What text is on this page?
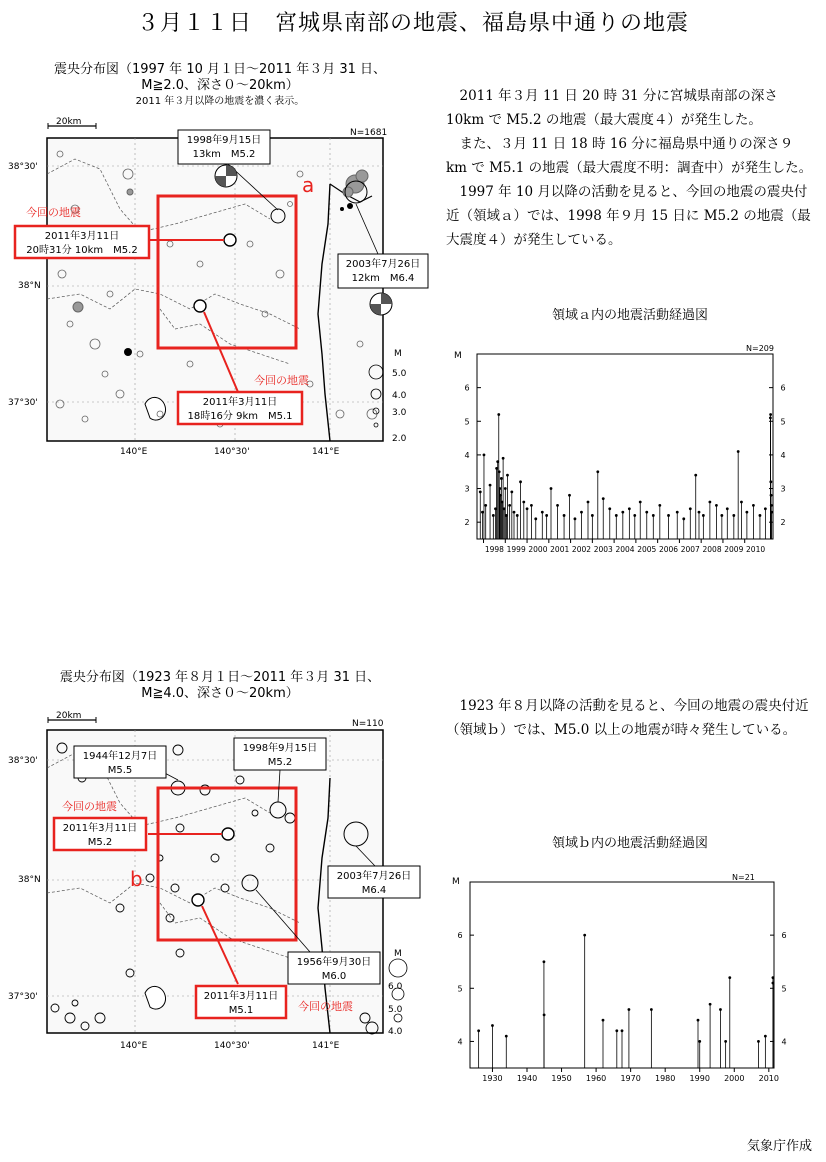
３月１１日　宮城県南部の地震、福島県中通りの地震
震央分布図（1997 年 10 月１日～2011 年３月 31 日、
M≧2.0、深さ０～20km）
2011 年３月以降の地震を濃く表示。
20km
N=1681
M
5.0
4.0
3.0
2.0
38°30'
38°N
37°30'
140°E	140°30'	141°E
a
1998年9月15日
13km　M5.2
2003年7月26日
12km　M6.4
今回の地震
2011年3月11日
20時31分 10km　M5.2
今回の地震
2011年3月11日
18時16分 9km　M5.1

2011 年３月 11 日 20 時 31 分に宮城県南部の深さ 10km で M5.2 の地震（最大震度４）が発生した。

また、３月 11 日 18 時 16 分に福島県中通りの深さ９km で M5.1 の地震（最大震度不明：調査中）が発生した。

1997 年 10 月以降の活動を見ると、今回の地震の震央付近（領域ａ）では、1998 年９月 15 日に M5.2 の地震（最大震度４）が発生している。

領域ａ内の地震活動経過図
M
N=209
2	2
3	3
4	4
5	5
6	6
1998 1999 2000 2001 2002 2003 2004 2005 2006 2007 2008 2009 2010
震央分布図（1923 年８月１日～2011 年３月 31 日、
M≧4.0、深さ０～20km）
20km
N=110
M
6.0
5.0
4.0
38°30'
38°N
37°30'
140°E	140°30'	141°E
b
1944年12月7日
M5.5
1998年9月15日
M5.2
今回の地震
2011年3月11日
M5.2
2003年7月26日
M6.4
1956年9月30日
M6.0
2011年3月11日
M5.1	今回の地震

1923 年８月以降の活動を見ると、今回の地震の震央付近（領域ｂ）では、M5.0 以上の地震が時々発生している。

領域ｂ内の地震活動経過図
M	N=21
4	4
5	5
6	6
1930 1940 1950 1960 1970 1980 1990 2000 2010
気象庁作成
